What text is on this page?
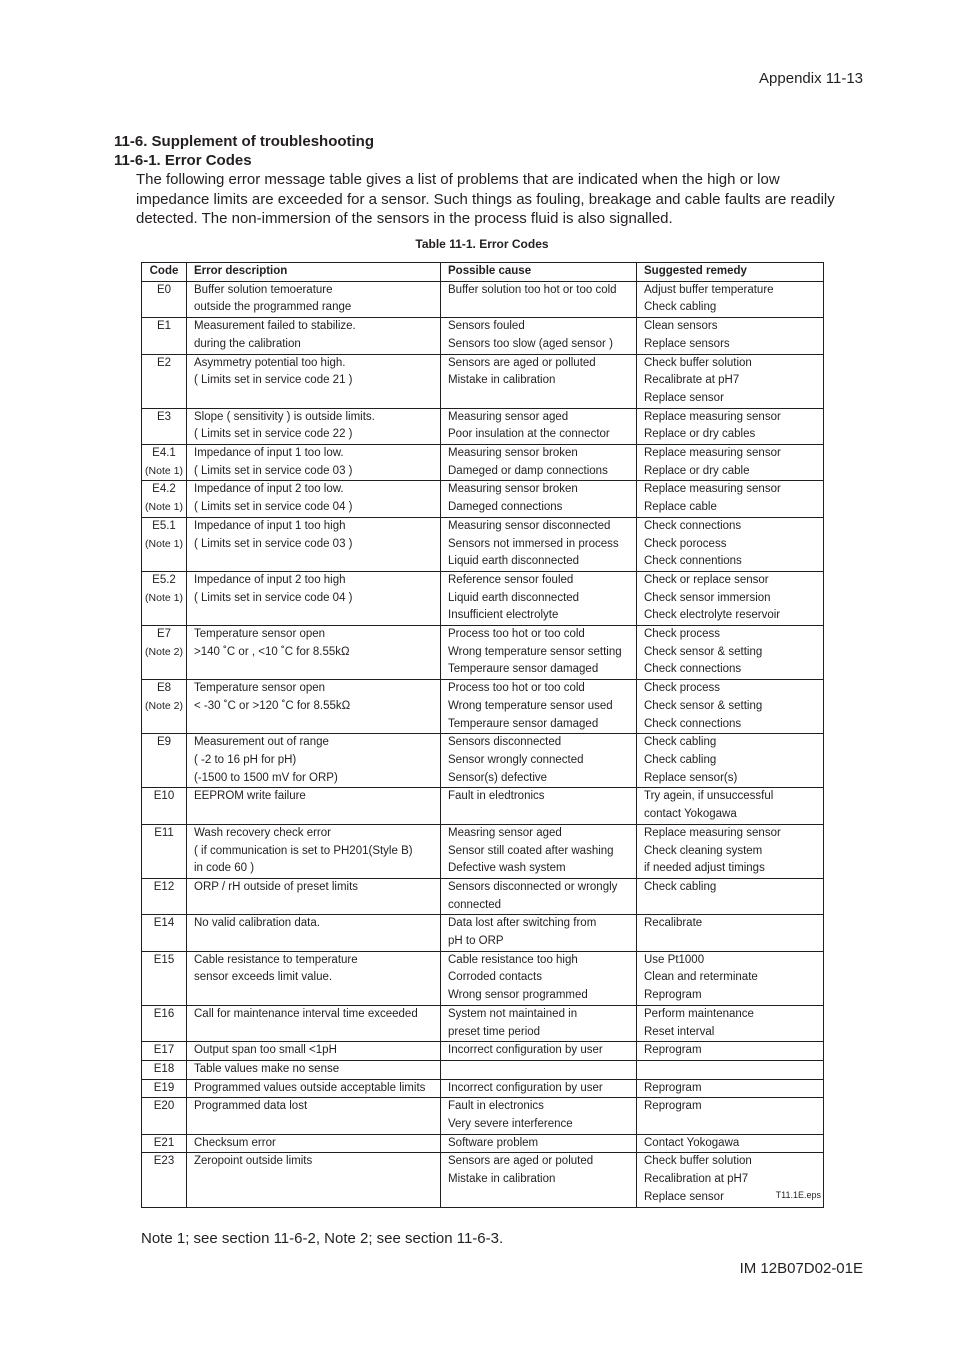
Appendix 11-13
11-6. Supplement of troubleshooting
11-6-1. Error Codes

The following error message table gives a list of problems that are indicated when the high or low impedance limits are exceeded for a sensor. Such things as fouling, breakage and cable faults are readily detected. The non-immersion of the sensors in the process fluid is also signalled.

Table 11-1. Error Codes
Code	Error description	Possible cause	Suggested remedy
E0	Buffer solution temoerature
outside the programmed range	Buffer solution too hot or too cold	Adjust buffer temperature
Check cabling

E1	Measurement failed to stabilize.
during the calibration	Sensors fouled
Sensors too slow (aged sensor )	Clean sensors
Replace sensors

E2	Asymmetry potential too high.
( Limits set in service code 21 )	Sensors are aged or polluted
Mistake in calibration	Check buffer solution
Recalibrate at pH7
Replace sensor

E3	Slope ( sensitivity ) is outside limits.
( Limits set in service code 22 )	Measuring sensor aged
Poor insulation at the connector	Replace measuring sensor
Replace or dry cables

E4.1
(Note 1)	Impedance of input 1 too low.
( Limits set in service code 03 )	Measuring sensor broken
Dameged or damp connections	Replace measuring sensor
Replace or dry cable

E4.2
(Note 1)	Impedance of input 2 too low.
( Limits set in service code 04 )	Measuring sensor broken
Dameged connections	Replace measuring sensor
Replace cable

E5.1
(Note 1)	Impedance of input 1 too high
( Limits set in service code 03 )	Measuring sensor disconnected
Sensors not immersed in process
Liquid earth disconnected	Check connections
Check porocess
Check connentions

E5.2
(Note 1)	Impedance of input 2 too high
( Limits set in service code 04 )	Reference sensor fouled
Liquid earth disconnected
Insufficient electrolyte	Check or replace sensor
Check sensor immersion
Check electrolyte reservoir

E7
(Note 2)	Temperature sensor open
>140 ˚C or , <10 ˚C for 8.55kΩ	Process too hot or too cold
Wrong temperature sensor setting
Temperaure sensor damaged	Check process
Check sensor & setting
Check connections

E8
(Note 2)	Temperature sensor open
< -30 ˚C or >120 ˚C for 8.55kΩ	Process too hot or too cold
Wrong temperature sensor used
Temperaure sensor damaged	Check process
Check sensor & setting
Check connections

E9	Measurement out of range
( -2 to 16 pH for pH)
(-1500 to 1500 mV for ORP)	Sensors disconnected
Sensor wrongly connected
Sensor(s) defective	Check cabling
Check cabling
Replace sensor(s)

E10	EEPROM write failure	Fault in eledtronics	Try agein, if unsuccessful
contact Yokogawa

E11	Wash recovery check error
( if communication is set to PH201(Style B)
in code 60 )	Measring sensor aged
Sensor still coated after washing
Defective wash system	Replace measuring sensor
Check cleaning system
if needed adjust timings

E12	ORP / rH outside of preset limits	Sensors disconnected or wrongly
connected	Check cabling

E14	No valid calibration data.	Data lost after switching from
pH to ORP	Recalibrate

E15	Cable resistance to temperature
sensor exceeds limit value.	Cable resistance too high
Corroded contacts
Wrong sensor programmed	Use Pt1000
Clean and reterminate
Reprogram

E16	Call for maintenance interval time exceeded	System not maintained in
preset time period	Perform maintenance
Reset interval

E17	Output span too small <1pH	Incorrect configuration by user	Reprogram

E18	Table values make no sense		

E19	Programmed values outside acceptable limits	Incorrect configuration by user	Reprogram

E20	Programmed data lost	Fault in electronics
Very severe interference	Reprogram

E21	Checksum error	Software problem	Contact Yokogawa

E23	Zeropoint outside limits	Sensors are aged or poluted
Mistake in calibration	Check buffer solution
Recalibration at pH7
Replace sensor	T11.1E.eps
Note 1; see section 11-6-2, Note 2; see section 11-6-3.
IM 12B07D02-01E
